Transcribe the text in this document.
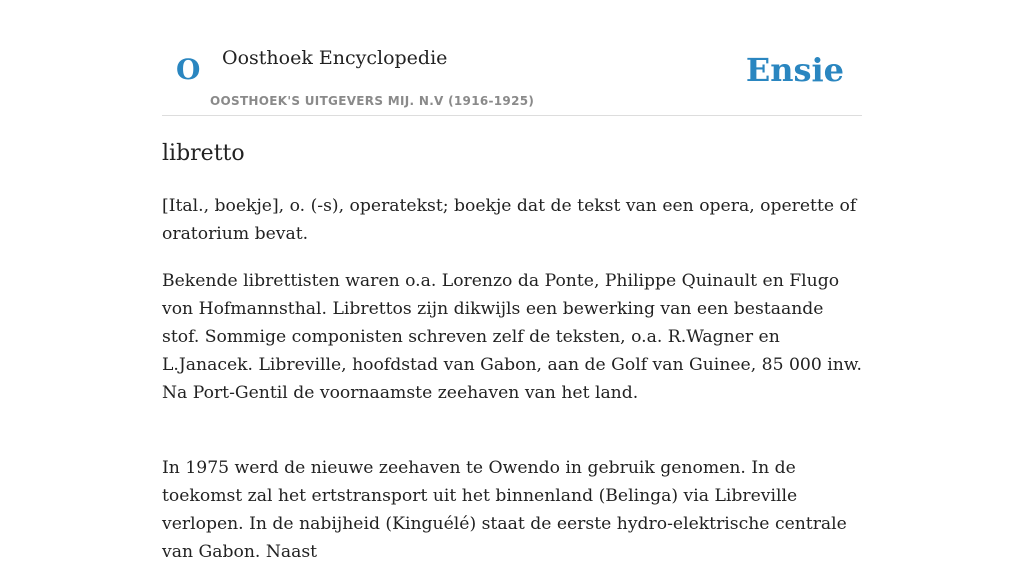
O Oosthoek Encyclopedie
OOSTHOEK'S UITGEVERS MIJ. N.V (1916-1925)
Ensie
libretto

[Ital., boekje], o. (-s), operatekst; boekje dat de tekst van een opera, operette of oratorium bevat.

Bekende librettisten waren o.a. Lorenzo da Ponte, Philippe Quinault en Flugo von Hofmannsthal. Librettos zijn dikwijls een bewerking van een bestaande stof. Sommige componisten schreven zelf de teksten, o.a. R.Wagner en L.Janacek. Libreville, hoofdstad van Gabon, aan de Golf van Guinee, 85 000 inw. Na Port-Gentil de voornaamste zeehaven van het land.

In 1975 werd de nieuwe zeehaven te Owendo in gebruik genomen. In de toekomst zal het ertstransport uit het binnenland (Belinga) via Libreville verlopen. In de nabijheid (Kinguélé) staat de eerste hydro-elektrische centrale van Gabon. Naast
